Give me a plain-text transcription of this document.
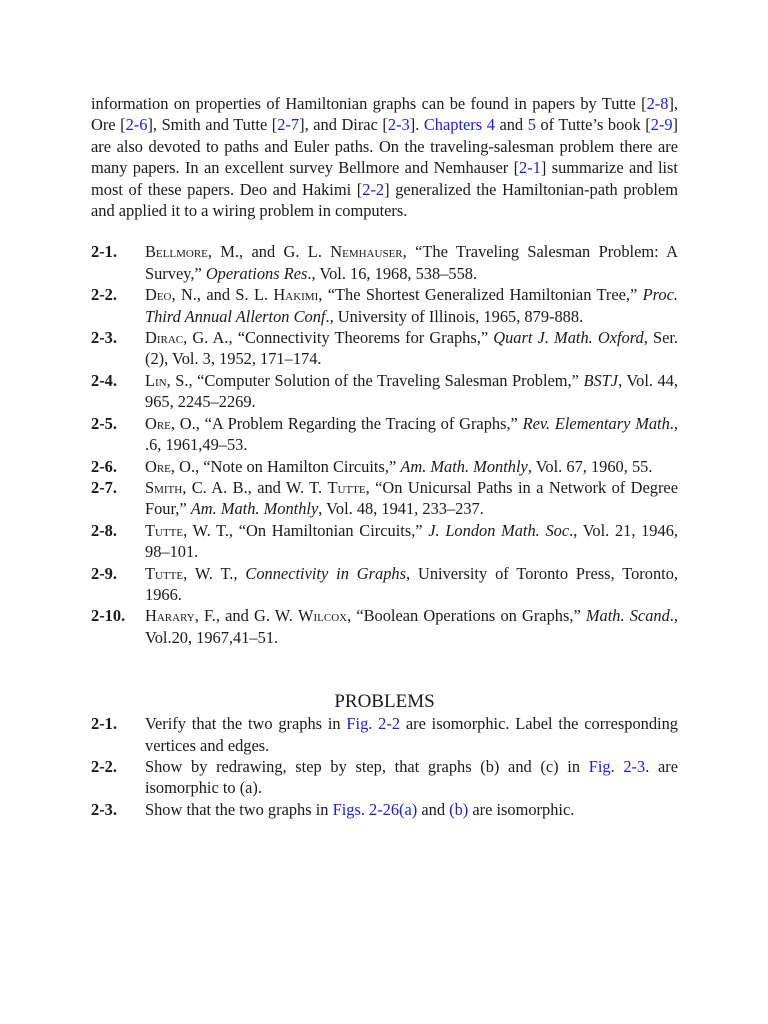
information on properties of Hamiltonian graphs can be found in papers by Tutte [2-8], Ore [2-6], Smith and Tutte [2-7], and Dirac [2-3]. Chapters 4 and 5 of Tutte’s book [2-9] are also devoted to paths and Euler paths. On the traveling-salesman problem there are many papers. In an excellent survey Bellmore and Nemhauser [2-1] summarize and list most of these papers. Deo and Hakimi [2-2] generalized the Hamiltonian-path problem and applied it to a wiring problem in computers.

2-1.	Bellmore, M., and G. L. Nemhauser, “The Traveling Salesman Problem: A Survey,” Operations Res., Vol. 16, 1968, 538–558.
2-2.	Deo, N., and S. L. Hakimi, “The Shortest Generalized Hamiltonian Tree,” Proc. Third Annual Allerton Conf., University of Illinois, 1965, 879-888.
2-3.	Dirac, G. A., “Connectivity Theorems for Graphs,” Quart J. Math. Oxford, Ser. (2), Vol. 3, 1952, 171–174.
2-4.	Lin, S., “Computer Solution of the Traveling Salesman Problem,” BSTJ, Vol. 44, 965, 2245–2269.
2-5.	Ore, O., “A Problem Regarding the Tracing of Graphs,” Rev. Elementary Math., .6, 1961,49–53.
2-6.	Ore, O., “Note on Hamilton Circuits,” Am. Math. Monthly, Vol. 67, 1960, 55.
2-7.	Smith, C. A. B., and W. T. Tutte, “On Unicursal Paths in a Network of Degree Four,” Am. Math. Monthly, Vol. 48, 1941, 233–237.
2-8.	Tutte, W. T., “On Hamiltonian Circuits,” J. London Math. Soc., Vol. 21, 1946, 98–101.
2-9.	Tutte, W. T., Connectivity in Graphs, University of Toronto Press, Toronto, 1966.
2-10.	Harary, F., and G. W. Wilcox, “Boolean Operations on Graphs,” Math. Scand., Vol.20, 1967,41–51.
PROBLEMS
2-1.	Verify that the two graphs in Fig. 2-2 are isomorphic. Label the corresponding vertices and edges.
2-2.	Show by redrawing, step by step, that graphs (b) and (c) in Fig. 2-3. are isomorphic to (a).
2-3.	Show that the two graphs in Figs. 2-26(a) and (b) are isomorphic.
